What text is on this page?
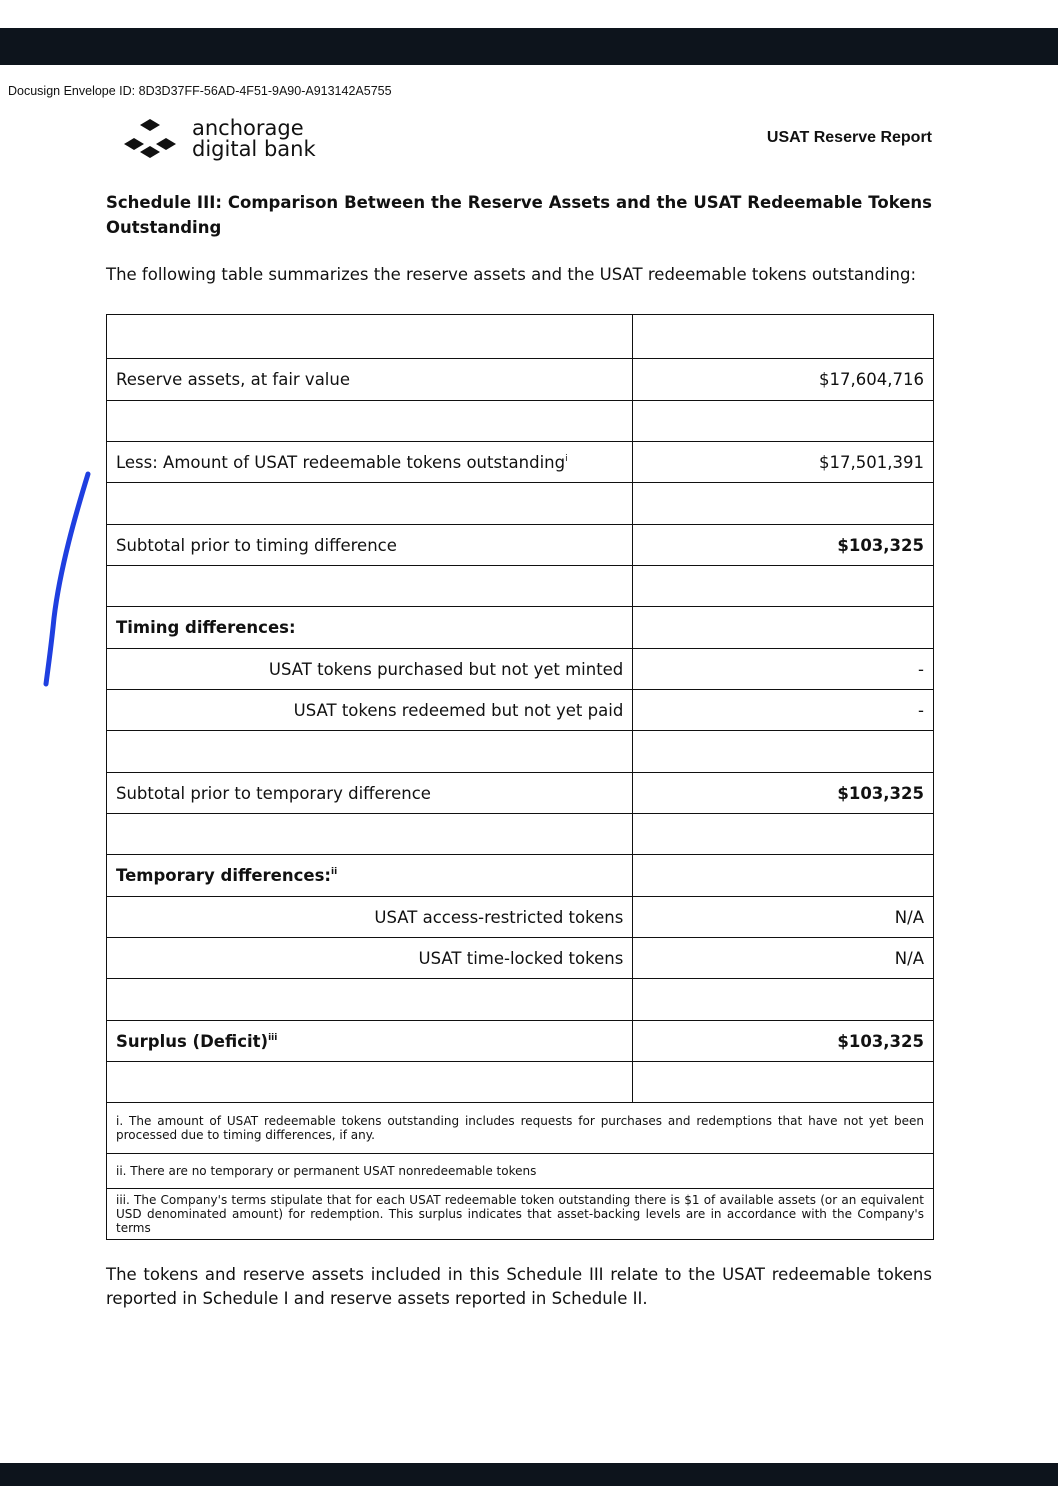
Docusign Envelope ID: 8D3D37FF-56AD-4F51-9A90-A913142A5755
anchorage
digital bank	USAT Reserve Report
Schedule III: Comparison Between the Reserve Assets and the USAT Redeemable Tokens Outstanding
The following table summarizes the reserve assets and the USAT redeemable tokens outstanding:

Reserve assets, at fair value	$17,604,716

Less: Amount of USAT redeemable tokens outstanding$^i$	$17,501,391

Subtotal prior to timing difference	$103,325

Timing differences:	
USAT tokens purchased but not yet minted	-
USAT tokens redeemed but not yet paid	-

Subtotal prior to temporary difference	$103,325

Temporary differences:$^{ii}$	
USAT access-restricted tokens	N/A
USAT time-locked tokens	N/A

Surplus (Deficit)$^{iii}$	$103,325

i. The amount of USAT redeemable tokens outstanding includes requests for purchases and redemptions that have not yet been processed due to timing differences, if any.	
ii. There are no temporary or permanent USAT nonredeemable tokens	
iii. The Company's terms stipulate that for each USAT redeemable token outstanding there is $1 of available assets (or an equivalent USD denominated amount) for redemption. This surplus indicates that asset-backing levels are in accordance with the Company's terms	
The tokens and reserve assets included in this Schedule III relate to the USAT redeemable tokens reported in Schedule I and reserve assets reported in Schedule II.
